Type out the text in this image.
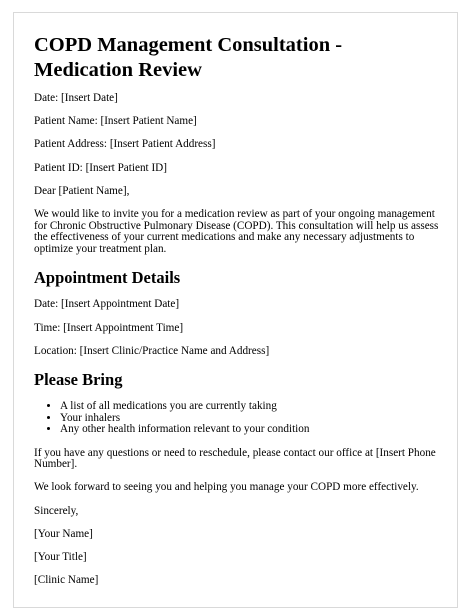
COPD Management Consultation - Medication Review

Date: [Insert Date]

Patient Name: [Insert Patient Name]

Patient Address: [Insert Patient Address]

Patient ID: [Insert Patient ID]

Dear [Patient Name],

We would like to invite you for a medication review as part of your ongoing management for Chronic Obstructive Pulmonary Disease (COPD). This consultation will help us assess the effectiveness of your current medications and make any necessary adjustments to optimize your treatment plan.

Appointment Details

Date: [Insert Appointment Date]

Time: [Insert Appointment Time]

Location: [Insert Clinic/Practice Name and Address]

Please Bring
• A list of all medications you are currently taking
• Your inhalers
• Any other health information relevant to your condition

If you have any questions or need to reschedule, please contact our office at [Insert Phone Number].

We look forward to seeing you and helping you manage your COPD more effectively.

Sincerely,

[Your Name]

[Your Title]

[Clinic Name]
